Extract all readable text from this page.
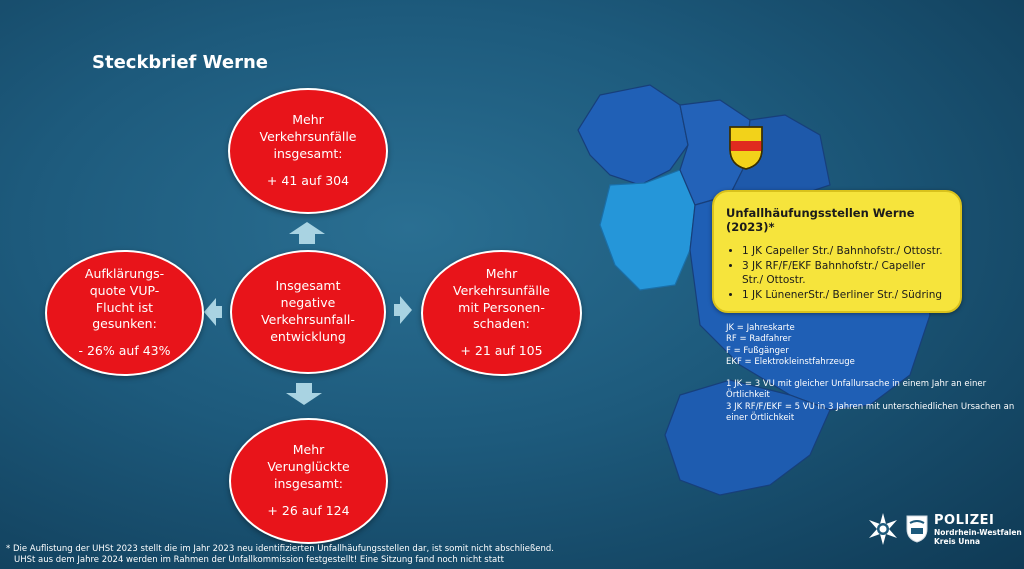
Steckbrief Werne
Mehr
Verkehrsunfälle
insgesamt:
+ 41 auf 304
Insgesamt
negative
Verkehrsunfall-
entwicklung
Aufklärungs-
quote VUP-
Flucht ist
gesunken:
- 26% auf 43%
Mehr
Verkehrsunfälle
mit Personen-
schaden:
+ 21 auf 105
Mehr
Verunglückte
insgesamt:
+ 26 auf 124
Unfallhäufungsstellen Werne (2023)*
• 1 JK Capeller Str./ Bahnhofstr./ Ottostr.
• 3 JK RF/F/EKF Bahnhofstr./ Capeller Str./ Ottostr.
• 1 JK LünenerStr./ Berliner Str./ Südring
JK = Jahreskarte
RF = Radfahrer
F = Fußgänger
EKF = Elektrokleinstfahrzeuge
1 JK = 3 VU mit gleicher Unfallursache in einem Jahr an einer Örtlichkeit
3 JK RF/F/EKF = 5 VU in 3 Jahren mit unterschiedlichen Ursachen an einer Örtlichkeit
* Die Auflistung der UHSt 2023 stellt die im Jahr 2023 neu identifizierten Unfallhäufungsstellen dar, ist somit nicht abschließend.
UHSt aus dem Jahre 2024 werden im Rahmen der Unfallkommission festgestellt! Eine Sitzung fand noch nicht statt
POLIZEI
Nordrhein-Westfalen
Kreis Unna
